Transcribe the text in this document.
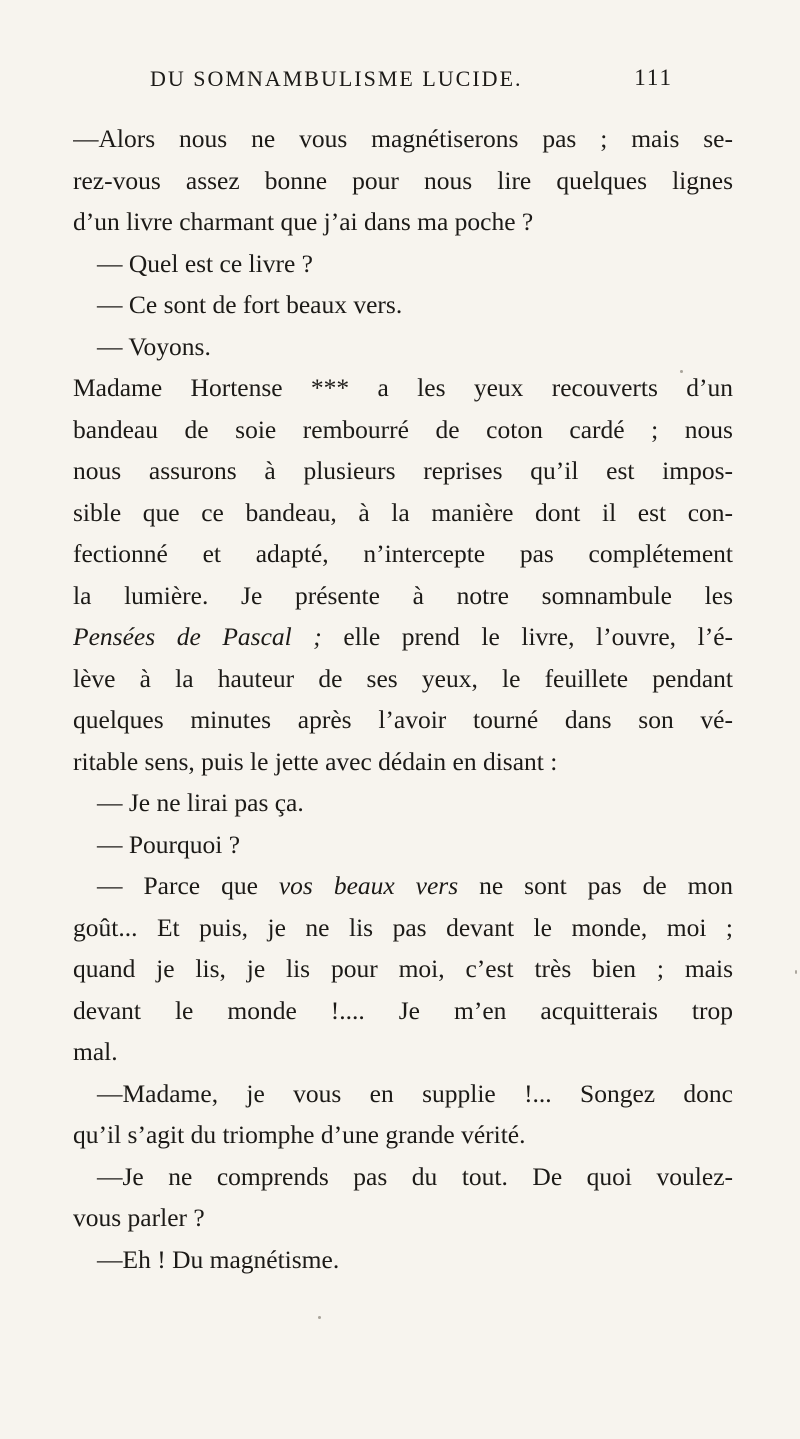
DU SOMNAMBULISME LUCIDE.	111
—Alors nous ne vous magnétiserons pas ; mais se-
rez-vous assez bonne pour nous lire quelques lignes
d’un livre charmant que j’ai dans ma poche ?
— Quel est ce livre ?
— Ce sont de fort beaux vers.
— Voyons.
Madame Hortense *** a les yeux recouverts d’un
bandeau de soie rembourré de coton cardé ; nous
nous assurons à plusieurs reprises qu’il est impos-
sible que ce bandeau, à la manière dont il est con-
fectionné et adapté, n’intercepte pas complétement
la lumière. Je présente à notre somnambule les
Pensées de Pascal ; elle prend le livre, l’ouvre, l’é-
lève à la hauteur de ses yeux, le feuillete pendant
quelques minutes après l’avoir tourné dans son vé-
ritable sens, puis le jette avec dédain en disant :
— Je ne lirai pas ça.
— Pourquoi ?
— Parce que vos beaux vers ne sont pas de mon
goût... Et puis, je ne lis pas devant le monde, moi ;
quand je lis, je lis pour moi, c’est très bien ; mais
devant le monde !.... Je m’en acquitterais trop
mal.
—Madame, je vous en supplie !... Songez donc
qu’il s’agit du triomphe d’une grande vérité.
—Je ne comprends pas du tout. De quoi voulez-
vous parler ?
—Eh ! Du magnétisme.
